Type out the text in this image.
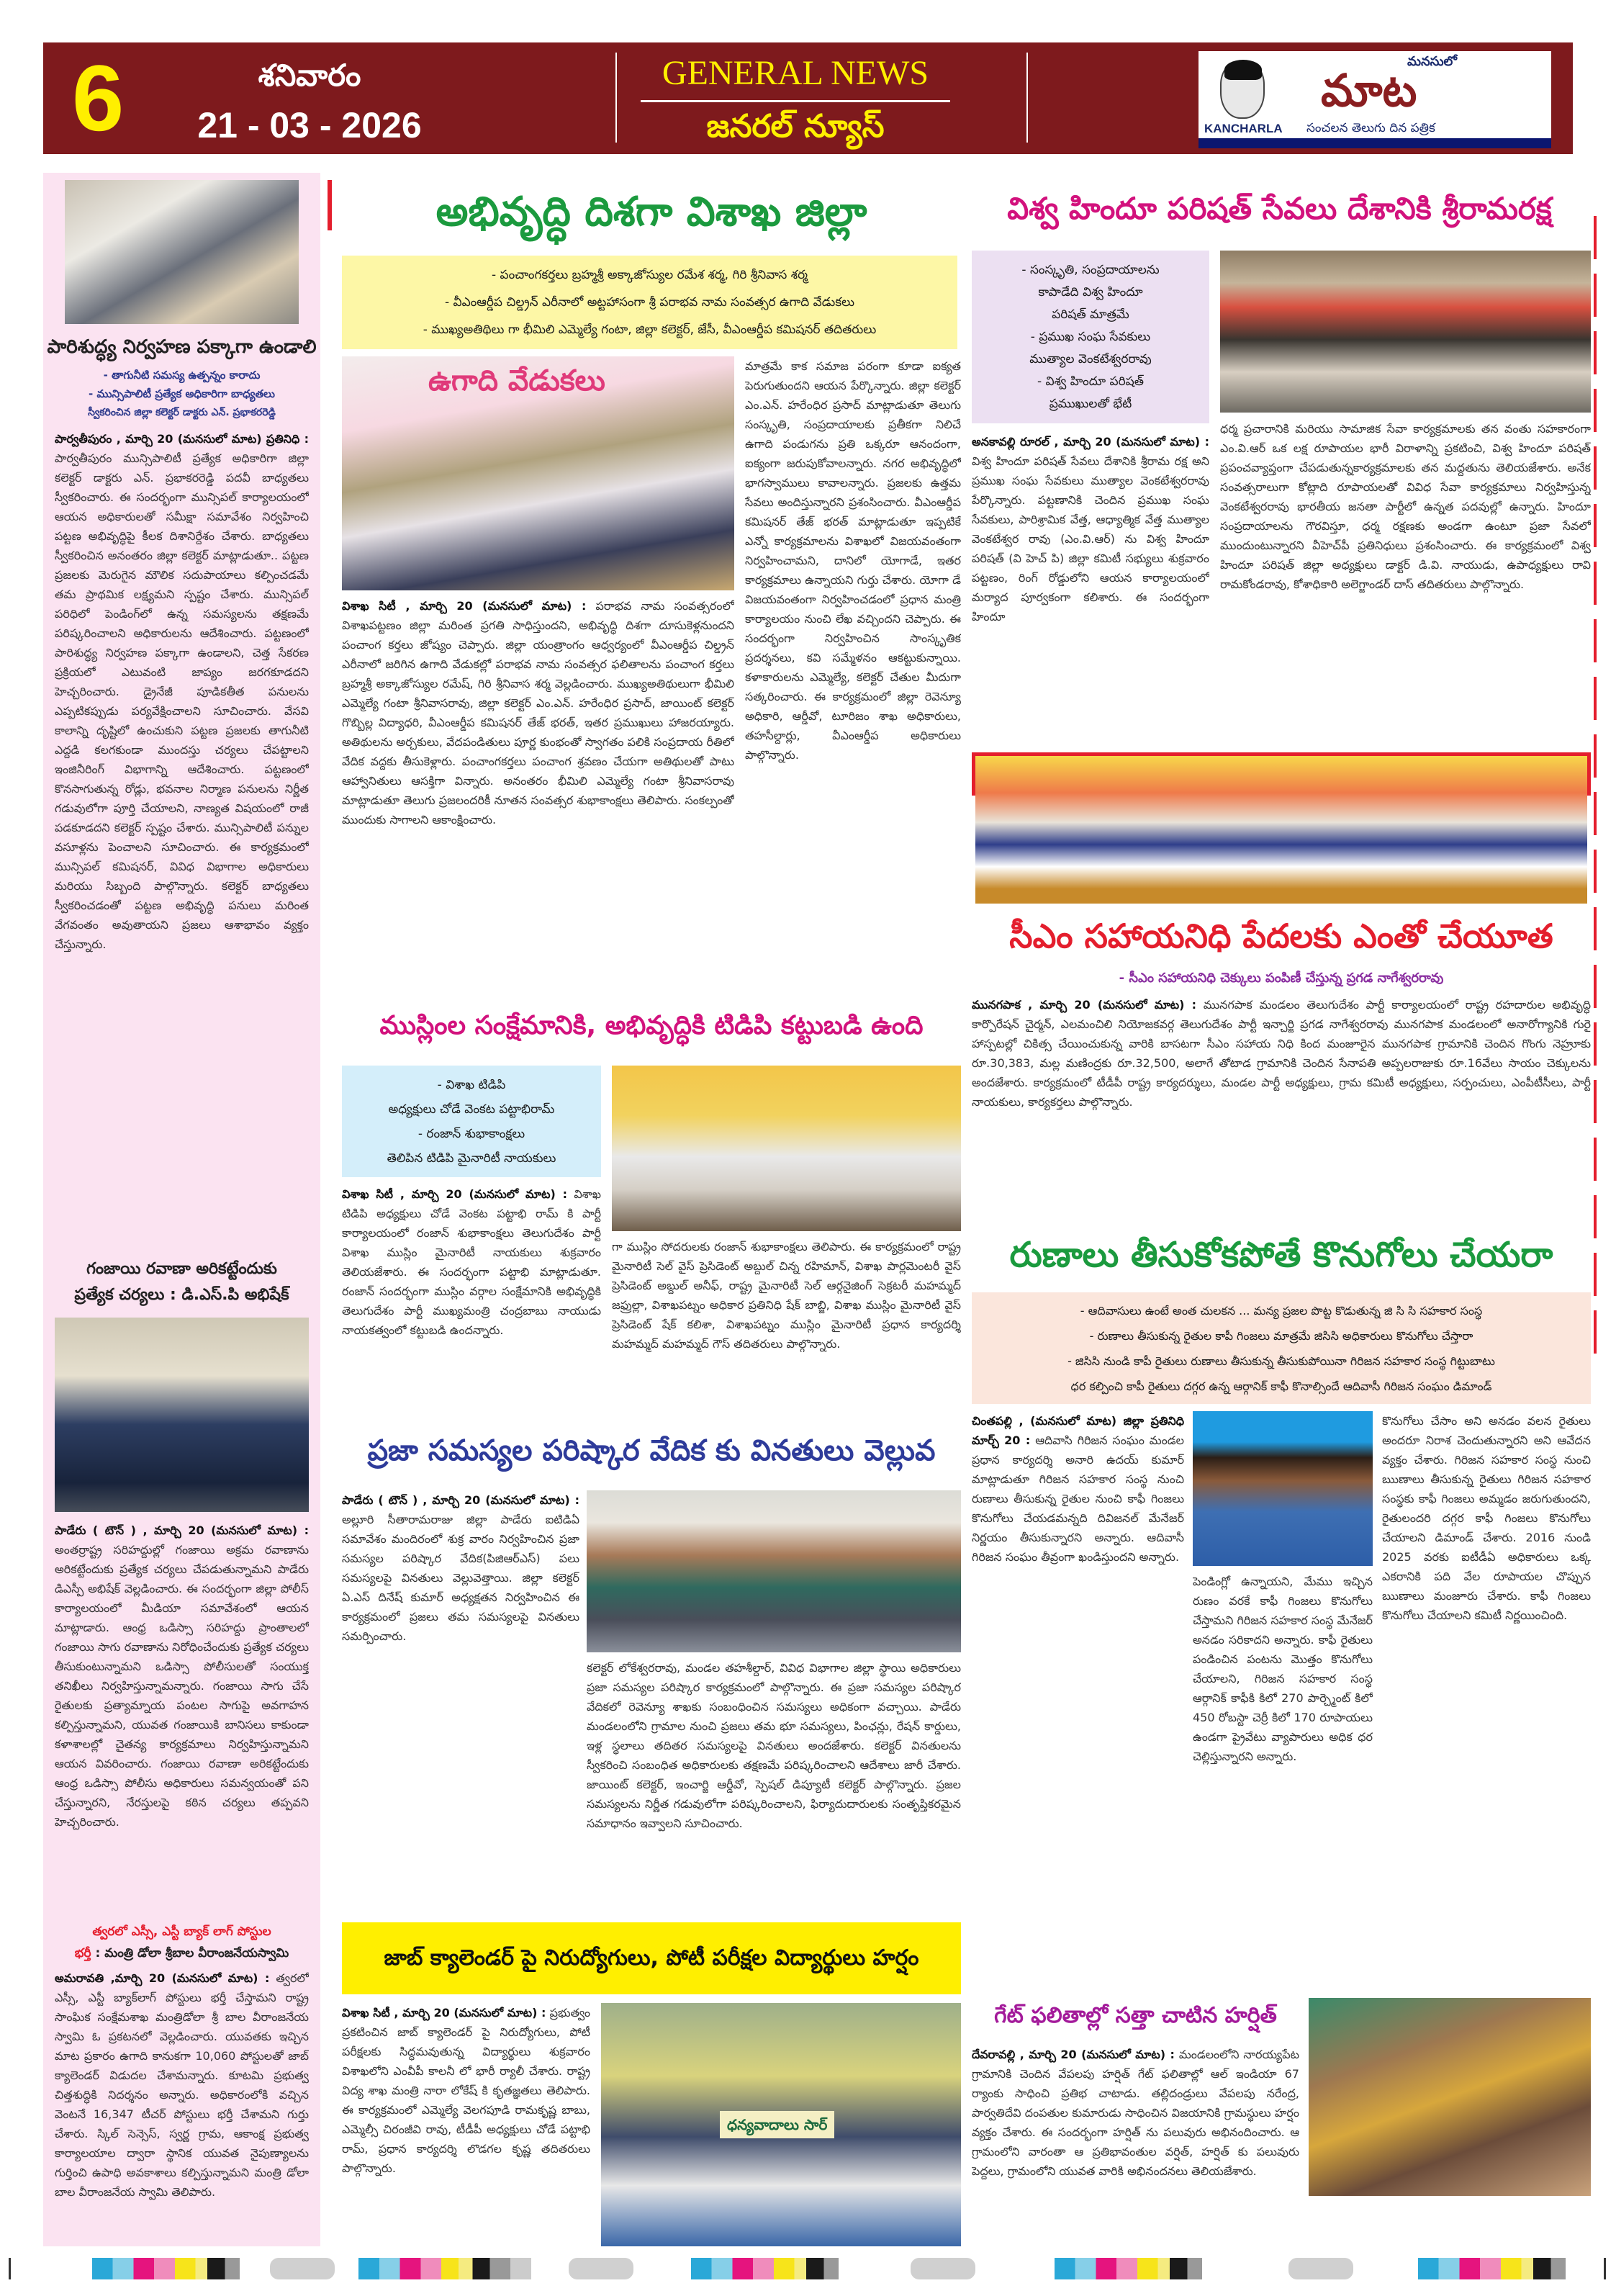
6	శనివారం
21 - 03 - 2026
GENERAL NEWS
జనరల్ న్యూస్	KANCHARLA
మనసులో
మాట
సంచలన తెలుగు దిన పత్రిక
పారిశుద్ధ్య నిర్వహణ పక్కాగా ఉండాలి
- తాగునీటి సమస్య ఉత్పన్నం కారాదు
- మున్సిపాలిటీ ప్రత్యేక అధికారిగా బాధ్యతలు
స్వీకరించిన జిల్లా కలెక్టర్ డాక్టరు ఎన్. ప్రభాకరరెడ్డి
పార్వతీపురం , మార్చి 20 (మనసులో మాట) ప్రతినిధి : పార్వతీపురం మున్సిపాలిటీ ప్రత్యేక అధికారిగా జిల్లా కలెక్టర్ డాక్టరు ఎన్. ప్రభాకరరెడ్డి పదవీ బాధ్యతలు స్వీకరించారు. ఈ సందర్భంగా మున్సిపల్ కార్యాలయంలో ఆయన అధికారులతో సమీక్షా సమావేశం నిర్వహించి పట్టణ అభివృద్ధిపై కీలక దిశానిర్దేశం చేశారు. బాధ్యతలు స్వీకరించిన అనంతరం జిల్లా కలెక్టర్ మాట్లాడుతూ.. పట్టణ ప్రజలకు మెరుగైన మౌలిక సదుపాయాలు కల్పించడమే తమ ప్రాథమిక లక్ష్యమని స్పష్టం చేశారు. మున్సిపల్ పరిధిలో పెండింగ్‌లో ఉన్న సమస్యలను తక్షణమే పరిష్కరించాలని అధికారులను ఆదేశించారు. పట్టణంలో పారిశుద్ధ్య నిర్వహణ పక్కాగా ఉండాలని, చెత్త సేకరణ ప్రక్రియలో ఎటువంటి జాప్యం జరగకూడదని హెచ్చరించారు. డ్రైనేజీ పూడికతీత పనులను ఎప్పటికప్పుడు పర్యవేక్షించాలని సూచించారు. వేసవి కాలాన్ని దృష్టిలో ఉంచుకుని పట్టణ ప్రజలకు తాగునీటి ఎద్దడి కలగకుండా ముందస్తు చర్యలు చేపట్టాలని ఇంజినీరింగ్ విభాగాన్ని ఆదేశించారు. పట్టణంలో కొనసాగుతున్న రోడ్లు, భవనాల నిర్మాణ పనులను నిర్ణీత గడువులోగా పూర్తి చేయాలని, నాణ్యత విషయంలో రాజీ పడకూడదని కలెక్టర్ స్పష్టం చేశారు. మున్సిపాలిటీ పన్నుల వసూళ్లను పెంచాలని సూచించారు. ఈ కార్యక్రమంలో మున్సిపల్ కమిషనర్, వివిధ విభాగాల అధికారులు మరియు సిబ్బంది పాల్గొన్నారు. కలెక్టర్ బాధ్యతలు స్వీకరించడంతో పట్టణ అభివృద్ధి పనులు మరింత వేగవంతం అవుతాయని ప్రజలు ఆశాభావం వ్యక్తం చేస్తున్నారు.
గంజాయి రవాణా అరికట్టేందుకు
ప్రత్యేక చర్యలు : డి.ఎస్.పి అభిషేక్
పాడేరు ( టౌన్ ) , మార్చి 20 (మనసులో మాట) : అంతర్రాష్ట్ర సరిహద్దుల్లో గంజాయి అక్రమ రవాణాను అరికట్టేందుకు ప్రత్యేక చర్యలు చేపడుతున్నామని పాడేరు డిఎస్పీ అభిషేక్ వెల్లడించారు. ఈ సందర్భంగా జిల్లా పోలీస్ కార్యాలయంలో మీడియా సమావేశంలో ఆయన మాట్లాడారు. ఆంధ్ర ఒడిస్సా సరిహద్దు ప్రాంతాలలో గంజాయి సాగు రవాణాను నిరోధించేందుకు ప్రత్యేక చర్యలు తీసుకుంటున్నామని ఒడిస్సా పోలీసులతో సంయుక్త తనిఖీలు నిర్వహిస్తున్నామన్నారు. గంజాయి సాగు చేసే రైతులకు ప్రత్యామ్నాయ పంటల సాగుపై అవగాహన కల్పిస్తున్నామని, యువత గంజాయికి బానిసలు కాకుండా కళాశాలల్లో చైతన్య కార్యక్రమాలు నిర్వహిస్తున్నామని ఆయన వివరించారు. గంజాయి రవాణా అరికట్టేందుకు ఆంధ్ర ఒడిస్సా పోలీసు అధికారులు సమన్వయంతో పని చేస్తున్నారని, నేరస్తులపై కఠిన చర్యలు తప్పవని హెచ్చరించారు.
త్వరలో ఎస్సీ, ఎస్టీ బ్యాక్ లాగ్ పోస్టుల
భర్తీ : మంత్రి డోలా శ్రీబాల వీరాంజనేయస్వామి
అమరావతి ,మార్చి 20 (మనసులో మాట) : త్వరలో ఎస్సీ, ఎస్టీ బ్యాక్‌లాగ్ పోస్టులు భర్తీ చేస్తామని రాష్ట్ర సాంఘిక సంక్షేమశాఖ మంత్రిడోలా శ్రీ బాల వీరాంజనేయ స్వామి ఓ ప్రకటనలో వెల్లడించారు. యువతకు ఇచ్చిన మాట ప్రకారం ఉగాది కానుకగా 10,060 పోస్టులతో జాబ్ క్యాలెండర్ విడుదల చేశామన్నారు. కూటమి ప్రభుత్వ చిత్తశుద్ధికి నిదర్శనం అన్నారు. అధికారంలోకి వచ్చిన వెంటనే 16,347 టీచర్ పోస్టులు భర్తీ చేశామని గుర్తు చేశారు. స్కిల్ సెన్సెస్, స్వర్ణ గ్రామ, ఆకాంక్ష ప్రభుత్వ కార్యాలయాల ద్వారా స్థానిక యువత నైపుణ్యాలను గుర్తించి ఉపాధి అవకాశాలు కల్పిస్తున్నామని మంత్రి డోలా బాల వీరాంజనేయ స్వామి తెలిపారు.
అభివృద్ధి దిశగా విశాఖ జిల్లా
- పంచాంగకర్తలు బ్రహ్మశ్రీ అక్కాజోస్యుల రమేశ శర్మ, గిరి శ్రీనివాస శర్మ
- వీఎంఆర్డీప చిల్డ్రన్ ఎరీనాలో అట్టహాసంగా శ్రీ పరాభవ నామ సంవత్సర ఉగాది వేడుకలు
- ముఖ్యఅతిథిలు గా భీమిలి ఎమ్మెల్యే గంటా, జిల్లా కలెక్టర్, జేసీ, వీఎంఆర్డీప కమిషనర్ తదితరులు
ఉగాది వేడుకలు
విశాఖ సిటీ , మార్చి 20 (మనసులో మాట) : పరాభవ నామ సంవత్సరంలో విశాఖపట్టణం జిల్లా మరింత ప్రగతి సాధిస్తుందని, అభివృద్ధి దిశగా దూసుకెళ్లనుందని పంచాంగ కర్తలు జోష్యం చెప్పారు. జిల్లా యంత్రాంగం ఆధ్వర్యంలో వీఎంఆర్డీప చిల్డ్రన్ ఎరీనాలో జరిగిన ఉగాది వేడుకల్లో పరాభవ నామ సంవత్సర ఫలితాలను పంచాంగ కర్తలు బ్రహ్మశ్రీ అక్కాజోస్యుల రమేష్, గిరి శ్రీనివాస శర్మ వెల్లడించారు. ముఖ్యఅతిథులుగా భీమిలి ఎమ్మెల్యే గంటా శ్రీనివాసరావు, జిల్లా కలెక్టర్ ఎం.ఎన్. హరేంధిర ప్రసాద్, జాయింట్ కలెక్టర్ గొబ్బిల్ల విద్యాధరి, వీఎంఆర్డీప కమిషనర్ తేజ్ భరత్, ఇతర ప్రముఖులు హాజరయ్యారు. అతిథులను అర్చకులు, వేదపండితులు పూర్ణ కుంభంతో స్వాగతం పలికి సంప్రదాయ రీతిలో వేదిక వద్దకు తీసుకెళ్లారు. పంచాంగకర్తలు పంచాంగ శ్రవణం చేయగా అతిథులతో పాటు ఆహ్వానితులు ఆసక్తిగా విన్నారు. అనంతరం భీమిలి ఎమ్మెల్యే గంటా శ్రీనివాసరావు మాట్లాడుతూ తెలుగు ప్రజలందరికీ నూతన సంవత్సర శుభాకాంక్షలు తెలిపారు. సంకల్పంతో ముందుకు సాగాలని ఆకాంక్షించారు.
మాత్రమే కాక సమాజ పరంగా కూడా ఐక్యత పెరుగుతుందని ఆయన పేర్కొన్నారు. జిల్లా కలెక్టర్ ఎం.ఎన్. హరేంధిర ప్రసాద్ మాట్లాడుతూ తెలుగు సంస్కృతి, సంప్రదాయాలకు ప్రతీకగా నిలిచే ఉగాది పండుగను ప్రతి ఒక్కరూ ఆనందంగా, ఐక్యంగా జరుపుకోవాలన్నారు. నగర అభివృద్ధిలో భాగస్వాములు కావాలన్నారు. ప్రజలకు ఉత్తమ సేవలు అందిస్తున్నారని ప్రశంసించారు. వీఎంఆర్డీప కమిషనర్ తేజ్ భరత్ మాట్లాడుతూ ఇప్పటికే ఎన్నో కార్యక్రమాలను విశాఖలో విజయవంతంగా నిర్వహించామని, దానిలో యోగాడే, ఇతర కార్యక్రమాలు ఉన్నాయని గుర్తు చేశారు. యోగా డే విజయవంతంగా నిర్వహించడంలో ప్రధాన మంత్రి కార్యాలయం నుంచి లేఖ వచ్చిందని చెప్పారు. ఈ సందర్భంగా నిర్వహించిన సాంస్కృతిక ప్రదర్శనలు, కవి సమ్మేళనం ఆకట్టుకున్నాయి. కళాకారులను ఎమ్మెల్యే, కలెక్టర్ చేతుల మీదుగా సత్కరించారు. ఈ కార్యక్రమంలో జిల్లా రెవెన్యూ అధికారి, ఆర్డీవో, టూరిజం శాఖ అధికారులు, తహసీల్దార్లు, వీఎంఆర్డీప అధికారులు పాల్గొన్నారు.
ముస్లింల సంక్షేమానికి, అభివృద్ధికి టిడిపి కట్టుబడి ఉంది
- విశాఖ టిడిపి
అధ్యక్షులు చోడే వెంకట పట్టాభిరామ్
- రంజాన్ శుభాకాంక్షలు
తెలిపిన టిడిపి మైనారిటీ నాయకులు
విశాఖ సిటీ , మార్చి 20 (మనసులో మాట) : విశాఖ టిడిపి అధ్యక్షులు చోడే వెంకట పట్టాభి రామ్ కి పార్టీ కార్యాలయంలో రంజాన్ శుభాకాంక్షలు తెలుగుదేశం పార్టీ విశాఖ ముస్లిం మైనారిటీ నాయకులు శుక్రవారం తెలియజేశారు. ఈ సందర్భంగా పట్టాభి మాట్లాడుతూ. రంజాన్ సందర్భంగా ముస్లిం వర్గాల సంక్షేమానికి అభివృద్ధికి తెలుగుదేశం పార్టీ ముఖ్యమంత్రి చంద్రబాబు నాయుడు నాయకత్వంలో కట్టుబడి ఉందన్నారు.
గా ముస్లిం సోదరులకు రంజాన్ శుభాకాంక్షలు తెలిపారు. ఈ కార్యక్రమంలో రాష్ట్ర మైనారిటీ సెల్ వైస్ ప్రెసిడెంట్ అబ్దుల్ చిన్న రహిమాన్, విశాఖ పార్లమెంటరీ వైస్ ప్రెసిడెంట్ అబ్దుల్ అనీఫ్, రాష్ట్ర మైనారిటీ సెల్ ఆర్గనైజింగ్ సెక్రటరీ మహమ్మద్ జఫ్రుల్లా, విశాఖపట్నం అధికార ప్రతినిధి షేక్ బాబ్జి, విశాఖ ముస్లిం మైనారిటీ వైస్ ప్రెసిడెంట్ షేక్ కలిశా, విశాఖపట్నం ముస్లిం మైనారిటీ ప్రధాన కార్యదర్శి మహమ్మద్ మహమ్మద్ గౌస్ తదితరులు పాల్గొన్నారు.
ప్రజా సమస్యల పరిష్కార వేదిక కు వినతులు వెల్లువ
పాడేరు ( టౌన్ ) , మార్చి 20 (మనసులో మాట) : అల్లూరి సీతారామరాజు జిల్లా పాడేరు ఐటిడిఏ సమావేశం మందిరంలో శుక్ర వారం నిర్వహించిన ప్రజా సమస్యల పరిష్కార వేదిక(పిజిఆర్ఎస్) పలు సమస్యలపై వినతులు వెల్లువెత్తాయి. జిల్లా కలెక్టర్ ఏ.ఎస్ దినేష్ కుమార్ అధ్యక్షతన నిర్వహించిన ఈ కార్యక్రమంలో ప్రజలు తమ సమస్యలపై వినతులు సమర్పించారు.
కలెక్టర్ లోకేశ్వరరావు, మండల తహశీల్దార్, వివిధ విభాగాల జిల్లా స్థాయి అధికారులు ప్రజా సమస్యల పరిష్కార కార్యక్రమంలో పాల్గొన్నారు. ఈ ప్రజా సమస్యల పరిష్కార వేదికలో రెవెన్యూ శాఖకు సంబంధించిన సమస్యలు అధికంగా వచ్చాయి. పాడేరు మండలంలోని గ్రామాల నుంచి ప్రజలు తమ భూ సమస్యలు, పింఛన్లు, రేషన్ కార్డులు, ఇళ్ల స్థలాలు తదితర సమస్యలపై వినతులు అందజేశారు. కలెక్టర్ వినతులను స్వీకరించి సంబంధిత అధికారులకు తక్షణమే పరిష్కరించాలని ఆదేశాలు జారీ చేశారు. జాయింట్ కలెక్టర్, ఇంచార్జి ఆర్డీవో, స్పెషల్ డిప్యూటీ కలెక్టర్ పాల్గొన్నారు. ప్రజల సమస్యలను నిర్ణీత గడువులోగా పరిష్కరించాలని, ఫిర్యాదుదారులకు సంతృప్తికరమైన సమాధానం ఇవ్వాలని సూచించారు.
జాబ్ క్యాలెండర్ పై నిరుద్యోగులు, పోటీ పరీక్షల విద్యార్థులు హర్షం
విశాఖ సిటీ , మార్చి 20 (మనసులో మాట) : ప్రభుత్వం ప్రకటించిన జాబ్ క్యాలెండర్ పై నిరుద్యోగులు, పోటీ పరీక్షలకు సిద్ధమవుతున్న విద్యార్థులు శుక్రవారం విశాఖలోని ఎంవీపీ కాలనీ లో భారీ ర్యాలీ చేశారు. రాష్ట్ర విద్య శాఖ మంత్రి నారా లోకేష్ కి కృతజ్ఞతలు తెలిపారు. ఈ కార్యక్రమంలో ఎమ్మెల్యే వెలగపూడి రామకృష్ణ బాబు, ఎమ్మెల్సీ చిరంజీవి రావు, టీడీపీ అధ్యక్షులు చోడే పట్టాభి రామ్, ప్రధాన కార్యదర్శి లొడగల కృష్ణ తదితరులు పాల్గొన్నారు.
ధన్యవాదాలు సార్
విశ్వ హిందూ పరిషత్ సేవలు దేశానికి శ్రీరామరక్ష
- సంస్కృతి, సంప్రదాయాలను
కాపాడేది విశ్వ హిందూ
పరిషత్ మాత్రమే
- ప్రముఖ సంఘ సేవకులు
ముత్యాల వెంకటేశ్వరరావు
- విశ్వ హిందూ పరిషత్
ప్రముఖులతో భేటీ
అనకావల్లి రూరల్ , మార్చి 20 (మనసులో మాట) : విశ్వ హిందూ పరిషత్ సేవలు దేశానికి శ్రీరామ రక్ష అని ప్రముఖ సంఘ సేవకులు ముత్యాల వెంకటేశ్వరరావు పేర్కొన్నారు. పట్టణానికి చెందిన ప్రముఖ సంఘ సేవకులు, పారిశ్రామిక వేత్త, ఆధ్యాత్మిక వేత్త ముత్యాల వెంకటేశ్వర రావు (ఎం.వి.ఆర్) ను విశ్వ హిందూ పరిషత్ (వి హెచ్ పి) జిల్లా కమిటీ సభ్యులు శుక్రవారం పట్టణం, రింగ్ రోడ్డులోని ఆయన కార్యాలయంలో మర్యాద పూర్వకంగా కలిశారు. ఈ సందర్భంగా హిందూ
ధర్మ ప్రచారానికి మరియు సామాజిక సేవా కార్యక్రమాలకు తన వంతు సహకారంగా ఎం.వి.ఆర్ ఒక లక్ష రూపాయల భారీ విరాళాన్ని ప్రకటించి, విశ్వ హిందూ పరిషత్ ప్రపంచవ్యాప్తంగా చేపడుతున్నకార్యక్రమాలకు తన మద్దతును తెలియజేశారు. అనేక సంవత్సరాలుగా కోట్లాది రూపాయలతో వివిధ సేవా కార్యక్రమాలు నిర్వహిస్తున్న వెంకటేశ్వరరావు భారతీయ జనతా పార్టీలో ఉన్నత పదవుల్లో ఉన్నారు. హిందూ సంప్రదాయాలను గౌరవిస్తూ, ధర్మ రక్షణకు అండగా ఉంటూ ప్రజా సేవలో ముందుంటున్నారని వీహెచ్‌పీ ప్రతినిధులు ప్రశంసించారు. ఈ కార్యక్రమంలో విశ్వ హిందూ పరిషత్ జిల్లా అధ్యక్షులు డాక్టర్ డి.వి. నాయుడు, ఉపాధ్యక్షులు రావి రామకోండరావు, కోశాధికారి అలెగ్జాండర్ దాస్ తదితరులు పాల్గొన్నారు.
సీఎం సహాయనిధి పేదలకు ఎంతో చేయూత
- సీఎం సహాయనిధి చెక్కులు పంపిణీ చేస్తున్న ప్రగడ నాగేశ్వరరావు
మునగపాక , మార్చి 20 (మనసులో మాట) : మునగపాక మండలం తెలుగుదేశం పార్టీ కార్యాలయంలో రాష్ట్ర రహదారుల అభివృద్ధి కార్పొరేషన్ చైర్మన్, ఎలమంచిలి నియోజకవర్గ తెలుగుదేశం పార్టీ ఇన్చార్జి ప్రగడ నాగేశ్వరరావు మునగపాక మండలంలో అనారోగ్యానికి గురై హాస్పటల్లో చికిత్స చేయించుకున్న వారికి బాసటగా సీఎం సహాయ నిధి కింద మంజూరైన మునగపాక గ్రామానికి చెందిన గొంగు నెహ్రూకు రూ.30,383, మల్ల మణింద్రకు రూ.32,500, అలాగే తోటాడ గ్రామానికి చెందిన సేనాపతి అప్పలరాజుకు రూ.16వేలు సాయం చెక్కులను అందజేశారు. కార్యక్రమంలో టీడీపీ రాష్ట్ర కార్యదర్శులు, మండల పార్టీ అధ్యక్షులు, గ్రామ కమిటీ అధ్యక్షులు, సర్పంచులు, ఎంపీటీసీలు, పార్టీ నాయకులు, కార్యకర్తలు పాల్గొన్నారు.
రుణాలు తీసుకోకపోతే కొనుగోలు చేయరా
- ఆదివాసులు ఉంటే అంత చులకన ... మన్య ప్రజల పొట్ట కొడుతున్న జి సి సి సహకార సంస్థ
- రుణాలు తీసుకున్న రైతుల కాపీ గింజలు మాత్రమే జిసిసి అధికారులు కొనుగోలు చేస్తారా
- జిసిసి నుండి కాపీ రైతులు రుణాలు తీసుకున్న తీసుకుపోయినా గిరిజన సహకార సంస్థ గిట్టుబాటు
ధర కల్పించి కాపీ రైతులు దగ్గర ఉన్న ఆర్గానిక్ కాఫీ కొనాల్సిందే ఆదివాసీ గిరిజన సంఘం డిమాండ్
చింతపల్లి , (మనసులో మాట) జిల్లా ప్రతినిధి మార్చ్ 20 : ఆదివాసి గిరిజన సంఘం మండల ప్రధాన కార్యదర్శి అనారి ఉదయ్ కుమార్ మాట్లాడుతూ గిరిజన సహకార సంస్థ నుంచి రుణాలు తీసుకున్న రైతుల నుంచి కాఫీ గింజలు కొనుగోలు చేయడమన్నది దివిజనల్ మేనేజర్ నిర్ణయం తీసుకున్నారని అన్నారు. ఆదివాసీ గిరిజన సంఘం తీవ్రంగా ఖండిస్తుందని అన్నారు.
పెండింగ్లో ఉన్నాయని, మేము ఇచ్చిన రుణం వరకే కాఫీ గింజలు కొనుగోలు చేస్తామని గిరిజన సహకార సంస్థ మేనేజర్ అనడం సరికాదని అన్నారు. కాఫీ రైతులు పండించిన పంటను మొత్తం కొనుగోలు చేయాలని, గిరిజన సహకార సంస్థ ఆర్గానిక్ కాఫీకి కిలో 270 పార్చ్మెంట్ కిలో 450 రోబస్టా చెర్రీ కిలో 170 రూపాయలు ఉండగా ప్రైవేటు వ్యాపారులు అధిక ధర చెల్లిస్తున్నారని అన్నారు.
కొనుగోలు చేసాం అని అనడం వలన రైతులు అందరూ నిరాశ చెందుతున్నారని అని ఆవేదన వ్యక్తం చేశారు. గిరిజన సహకార సంస్థ నుంచి ఋణాలు తీసుకున్న రైతులు గిరిజన సహకార సంస్థకు కాఫీ గింజలు అమ్మడం జరుగుతుందని, రైతులందరి దగ్గర కాఫీ గింజలు కొనుగోలు చేయాలని డిమాండ్ చేశారు. 2016 నుండి 2025 వరకు ఐటీడీఏ అధికారులు ఒక్క ఎకరానికి పది వేల రూపాయల చొప్పున ఋణాలు మంజూరు చేశారు. కాఫీ గింజలు కొనుగోలు చేయాలని కమిటీ నిర్ణయించింది.
గేట్ ఫలితాల్లో సత్తా చాటిన హర్షిత్
దేవరావల్లి , మార్చి 20 (మనసులో మాట) : మండలంలోని నారయ్యపేట గ్రామానికి చెందిన వేపలపు హర్షిత్ గేట్ ఫలితాల్లో ఆల్ ఇండియా 67 ర్యాంకు సాధించి ప్రతిభ చాటాడు. తల్లిదండ్రులు వేపలపు నరేంద్ర, పార్వతిదేవి దంపతుల కుమారుడు సాధించిన విజయానికి గ్రామస్థులు హర్షం వ్యక్తం చేశారు. ఈ సందర్భంగా హర్షిత్ ను పలువురు అభినందించారు. ఆ గ్రామంలోని వారంతా ఆ ప్రతిభావంతుల వర్షిత్, హర్షిత్ కు పలువురు పెద్దలు, గ్రామంలోని యువత వారికి అభినందనలు తెలియజేశారు.
